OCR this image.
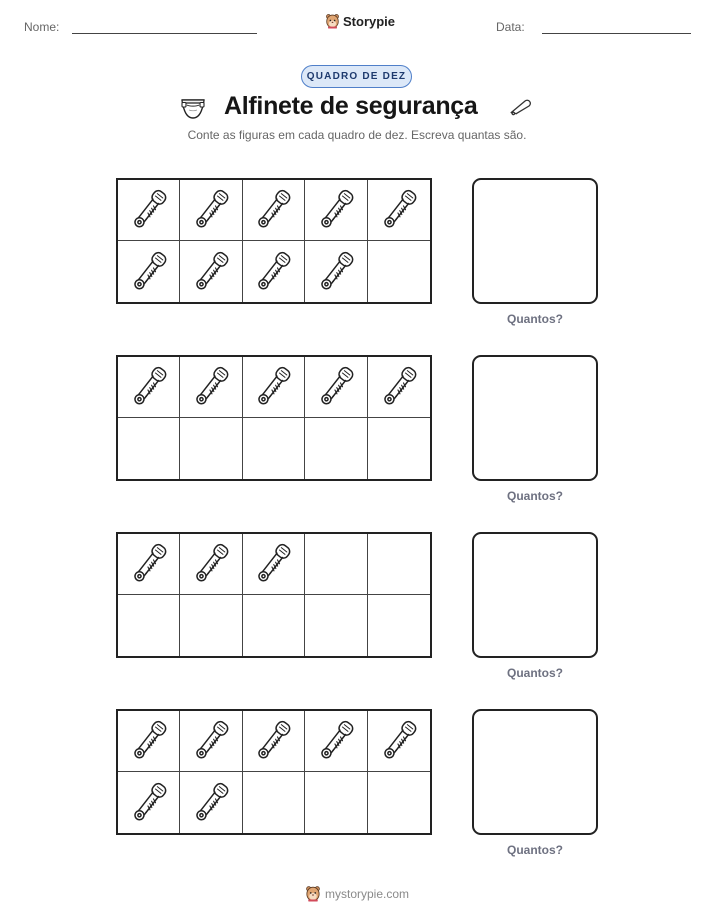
Nome:	Storypie	Data:
QUADRO DE DEZ
Alfinete de segurança
Conte as figuras em cada quadro de dez. Escreva quantas são.
Quantos?
Quantos?
Quantos?
Quantos?
mystorypie.com
